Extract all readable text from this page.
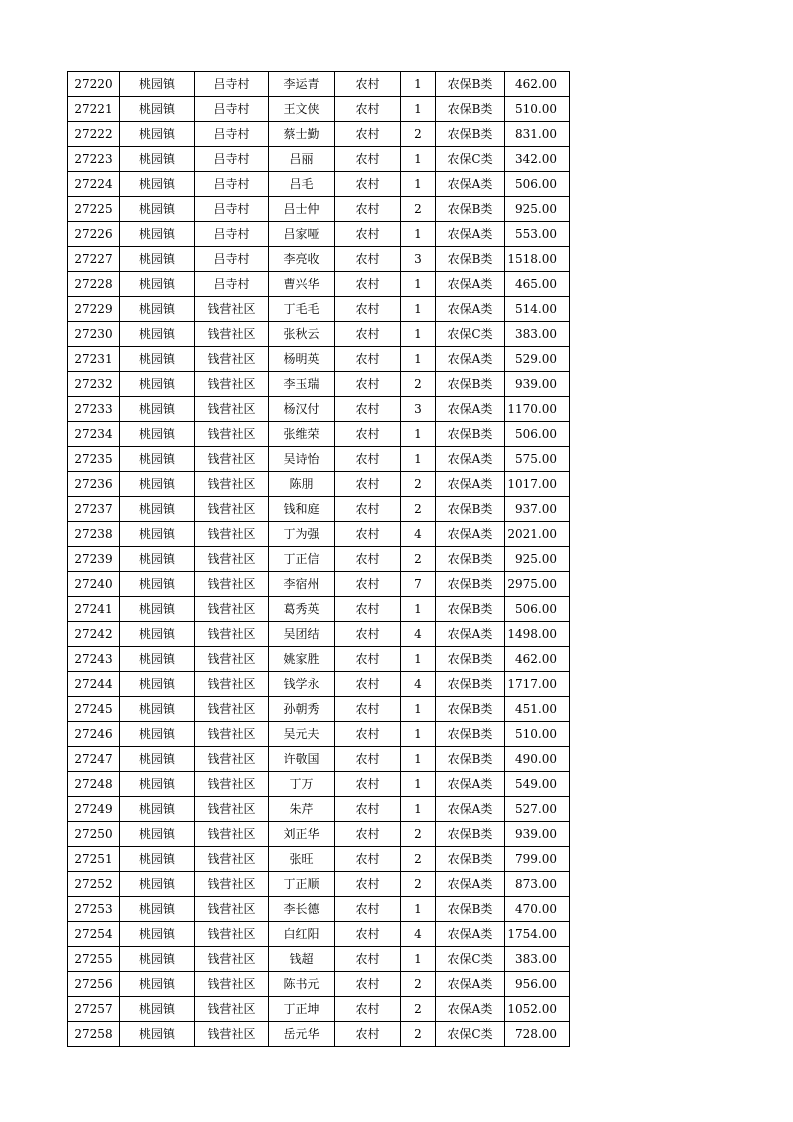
27220	桃园镇	吕寺村	李运青	农村	1	农保B类	462.00
27221	桃园镇	吕寺村	王文侠	农村	1	农保B类	510.00
27222	桃园镇	吕寺村	蔡士勤	农村	2	农保B类	831.00
27223	桃园镇	吕寺村	吕丽	农村	1	农保C类	342.00
27224	桃园镇	吕寺村	吕毛	农村	1	农保A类	506.00
27225	桃园镇	吕寺村	吕士仲	农村	2	农保B类	925.00
27226	桃园镇	吕寺村	吕家哑	农村	1	农保A类	553.00
27227	桃园镇	吕寺村	李亮收	农村	3	农保B类	1518.00
27228	桃园镇	吕寺村	曹兴华	农村	1	农保A类	465.00
27229	桃园镇	钱营社区	丁毛毛	农村	1	农保A类	514.00
27230	桃园镇	钱营社区	张秋云	农村	1	农保C类	383.00
27231	桃园镇	钱营社区	杨明英	农村	1	农保A类	529.00
27232	桃园镇	钱营社区	李玉瑞	农村	2	农保B类	939.00
27233	桃园镇	钱营社区	杨汉付	农村	3	农保A类	1170.00
27234	桃园镇	钱营社区	张维荣	农村	1	农保B类	506.00
27235	桃园镇	钱营社区	吴诗怡	农村	1	农保A类	575.00
27236	桃园镇	钱营社区	陈朋	农村	2	农保A类	1017.00
27237	桃园镇	钱营社区	钱和庭	农村	2	农保B类	937.00
27238	桃园镇	钱营社区	丁为强	农村	4	农保A类	2021.00
27239	桃园镇	钱营社区	丁正信	农村	2	农保B类	925.00
27240	桃园镇	钱营社区	李宿州	农村	7	农保B类	2975.00
27241	桃园镇	钱营社区	葛秀英	农村	1	农保B类	506.00
27242	桃园镇	钱营社区	吴团结	农村	4	农保A类	1498.00
27243	桃园镇	钱营社区	姚家胜	农村	1	农保B类	462.00
27244	桃园镇	钱营社区	钱学永	农村	4	农保B类	1717.00
27245	桃园镇	钱营社区	孙朝秀	农村	1	农保B类	451.00
27246	桃园镇	钱营社区	吴元夫	农村	1	农保B类	510.00
27247	桃园镇	钱营社区	许敬国	农村	1	农保B类	490.00
27248	桃园镇	钱营社区	丁万	农村	1	农保A类	549.00
27249	桃园镇	钱营社区	朱芹	农村	1	农保A类	527.00
27250	桃园镇	钱营社区	刘正华	农村	2	农保B类	939.00
27251	桃园镇	钱营社区	张旺	农村	2	农保B类	799.00
27252	桃园镇	钱营社区	丁正顺	农村	2	农保A类	873.00
27253	桃园镇	钱营社区	李长德	农村	1	农保B类	470.00
27254	桃园镇	钱营社区	白红阳	农村	4	农保A类	1754.00
27255	桃园镇	钱营社区	钱超	农村	1	农保C类	383.00
27256	桃园镇	钱营社区	陈书元	农村	2	农保A类	956.00
27257	桃园镇	钱营社区	丁正坤	农村	2	农保A类	1052.00
27258	桃园镇	钱营社区	岳元华	农村	2	农保C类	728.00
